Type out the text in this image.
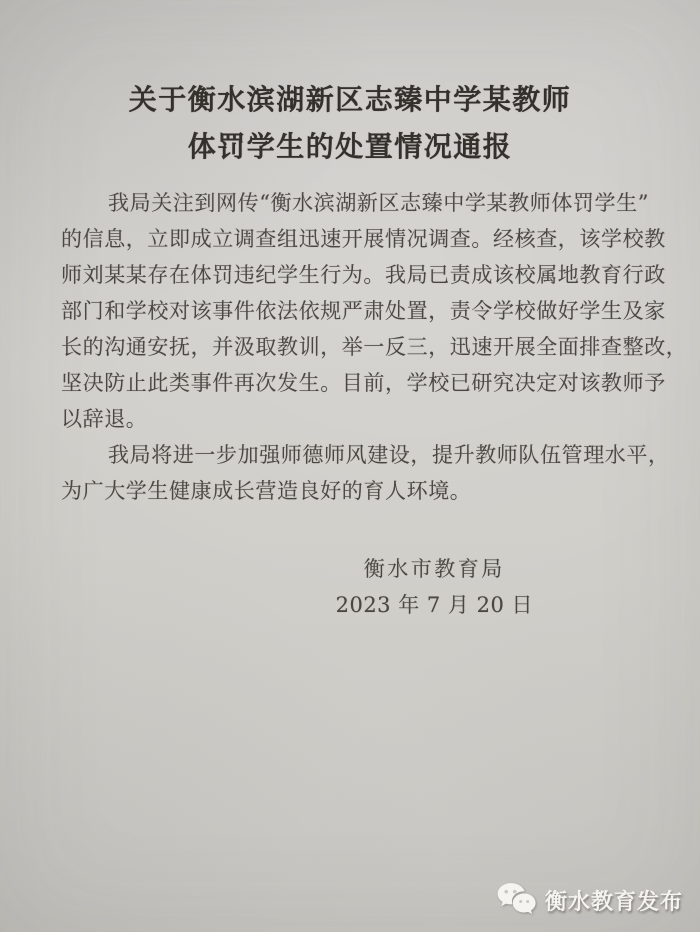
关于衡水滨湖新区志臻中学某教师
体罚学生的处置情况通报
我局关注到网传“衡水滨湖新区志臻中学某教师体罚学生”
的信息，立即成立调查组迅速开展情况调查。经核查，该学校教
师刘某某存在体罚违纪学生行为。我局已责成该校属地教育行政
部门和学校对该事件依法依规严肃处置，责令学校做好学生及家
长的沟通安抚，并汲取教训，举一反三，迅速开展全面排查整改，
坚决防止此类事件再次发生。目前，学校已研究决定对该教师予
以辞退。
我局将进一步加强师德师风建设，提升教师队伍管理水平，
为广大学生健康成长营造良好的育人环境。
衡水市教育局
2023 年 7 月 20 日
衡水教育发布
